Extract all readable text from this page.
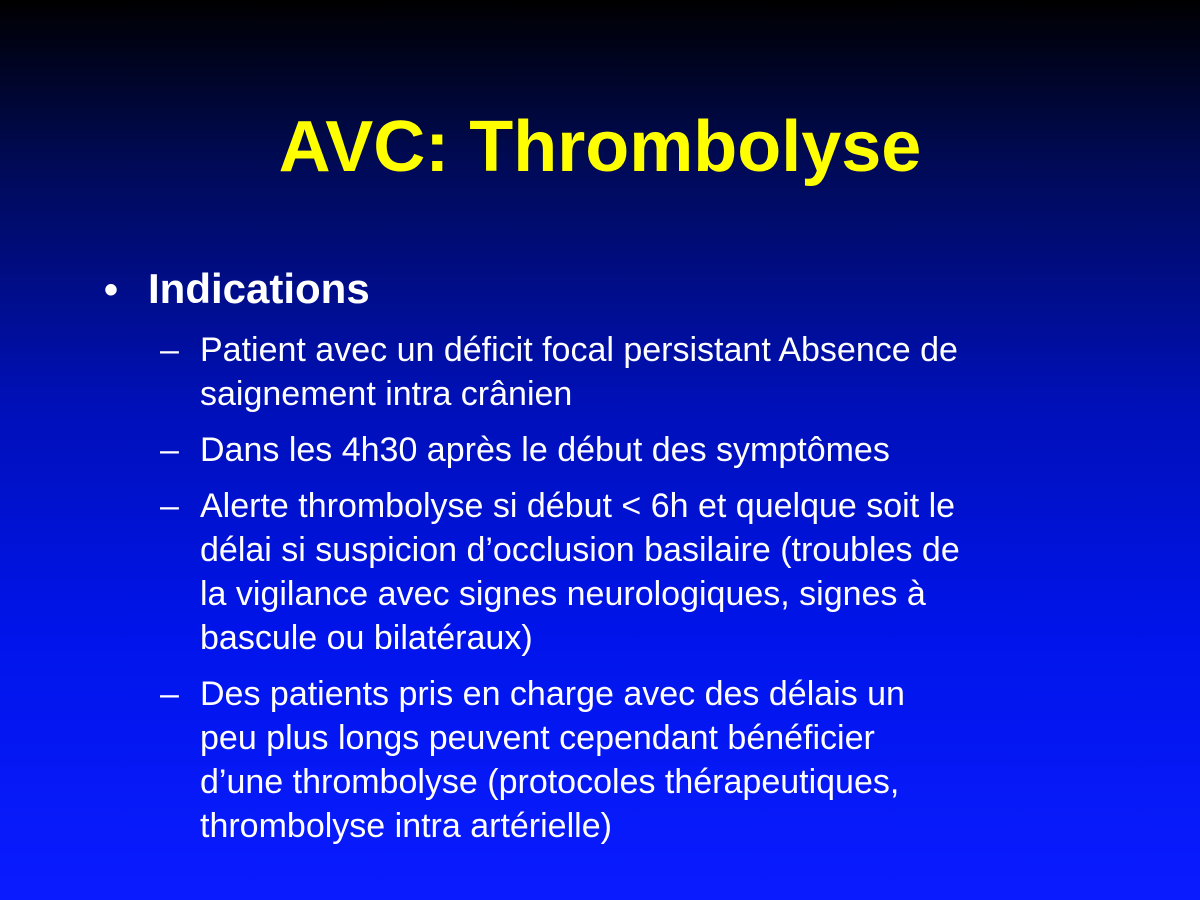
AVC: Thrombolyse
• Indications
– Patient avec un déficit focal persistant Absence de
saignement intra crânien
– Dans les 4h30 après le début des symptômes
– Alerte thrombolyse si début < 6h et quelque soit le
délai si suspicion d’occlusion basilaire (troubles de
la vigilance avec signes neurologiques, signes à
bascule ou bilatéraux)
– Des patients pris en charge avec des délais un
peu plus longs peuvent cependant bénéficier
d’une thrombolyse (protocoles thérapeutiques,
thrombolyse intra artérielle)
